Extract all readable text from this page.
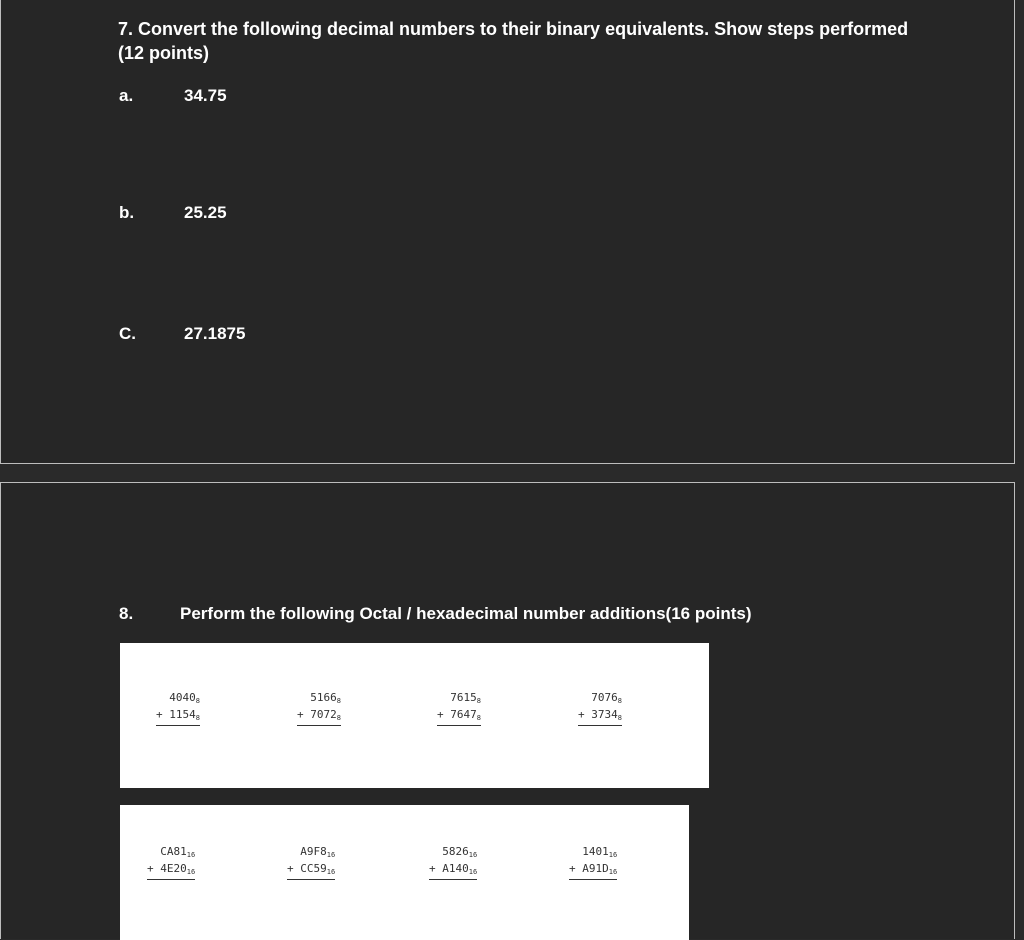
7. Convert the following decimal numbers to their binary equivalents. Show steps performed (12 points)

a.	34.75
b.	25.25
C.	27.1875
8.	Perform the following Octal / hexadecimal number additions(16 points)
$4040_8$
+ $1154_8$
$5166_8$
+ $7072_8$
$7615_8$
+ $7647_8$
$7076_8$
+ $3734_8$
$CA81_{16}$
+ $4E20_{16}$
$A9F8_{16}$
+ $CC59_{16}$
$5826_{16}$
+ $A140_{16}$
$1401_{16}$
+ $A91D_{16}$
